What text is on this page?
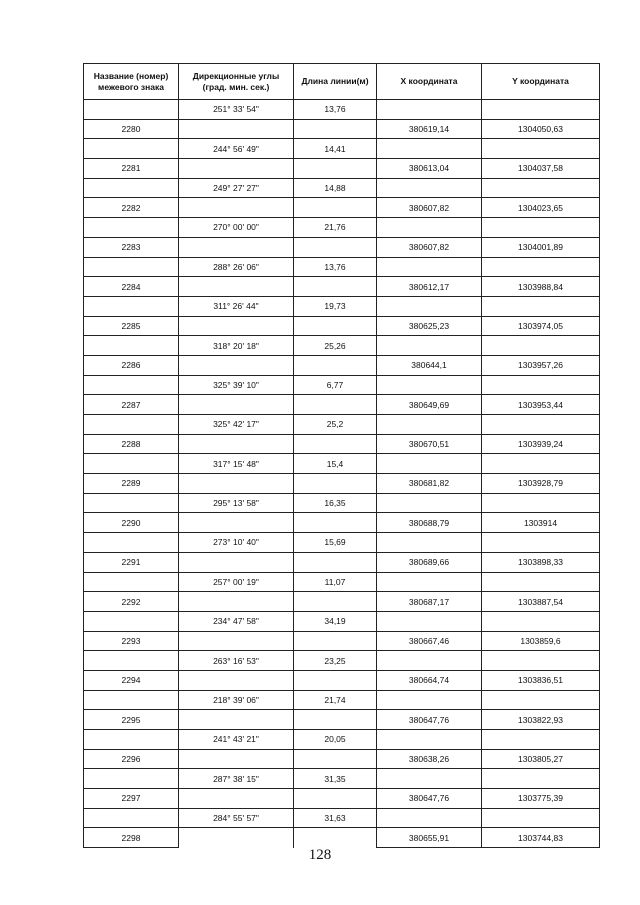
Название (номер) межевого знака	Дирекционные углы (град. мин. сек.)	Длина линии(м)	X координата	Y координата
	251° 33' 54"	13,76		
2280			380619,14	1304050,63
	244° 56' 49"	14,41		
2281			380613,04	1304037,58
	249° 27' 27"	14,88		
2282			380607,82	1304023,65
	270° 00' 00"	21,76		
2283			380607,82	1304001,89
	288° 26' 06"	13,76		
2284			380612,17	1303988,84
	311° 26' 44"	19,73		
2285			380625,23	1303974,05
	318° 20' 18"	25,26		
2286			380644,1	1303957,26
	325° 39' 10"	6,77		
2287			380649,69	1303953,44
	325° 42' 17"	25,2		
2288			380670,51	1303939,24
	317° 15' 48"	15,4		
2289			380681,82	1303928,79
	295° 13' 58"	16,35		
2290			380688,79	1303914
	273° 10' 40"	15,69		
2291			380689,66	1303898,33
	257° 00' 19"	11,07		
2292			380687,17	1303887,54
	234° 47' 58"	34,19		
2293			380667,46	1303859,6
	263° 16' 53"	23,25		
2294			380664,74	1303836,51
	218° 39' 06"	21,74		
2295			380647,76	1303822,93
	241° 43' 21"	20,05		
2296			380638,26	1303805,27
	287° 38' 15"	31,35		
2297			380647,76	1303775,39
	284° 55' 57"	31,63		
2298			380655,91	1303744,83
128
